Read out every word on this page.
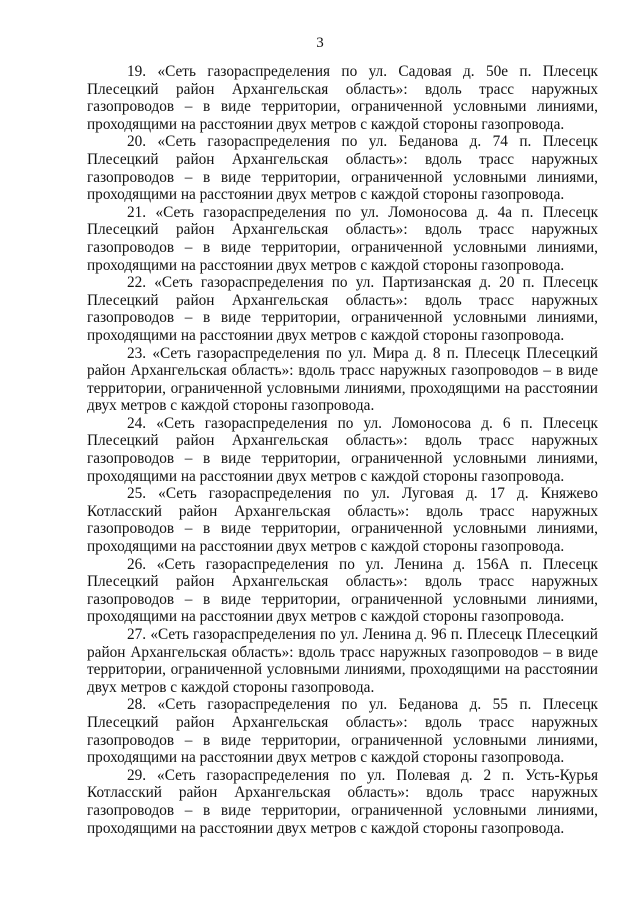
3

19. «Сеть газораспределения по ул. Садовая д. 50е п. Плесецк Плесецкий район Архангельская область»: вдоль трасс наружных газопроводов – в виде территории, ограниченной условными линиями, проходящими на расстоянии двух метров с каждой стороны газопровода.

20. «Сеть газораспределения по ул. Беданова д. 74 п. Плесецк Плесецкий район Архангельская область»: вдоль трасс наружных газопроводов – в виде территории, ограниченной условными линиями, проходящими на расстоянии двух метров с каждой стороны газопровода.

21. «Сеть газораспределения по ул. Ломоносова д. 4а п. Плесецк Плесецкий район Архангельская область»: вдоль трасс наружных газопроводов – в виде территории, ограниченной условными линиями, проходящими на расстоянии двух метров с каждой стороны газопровода.

22. «Сеть газораспределения по ул. Партизанская д. 20 п. Плесецк Плесецкий район Архангельская область»: вдоль трасс наружных газопроводов – в виде территории, ограниченной условными линиями, проходящими на расстоянии двух метров с каждой стороны газопровода.

23. «Сеть газораспределения по ул. Мира д. 8 п. Плесецк Плесецкий район Архангельская область»: вдоль трасс наружных газопроводов – в виде территории, ограниченной условными линиями, проходящими на расстоянии двух метров с каждой стороны газопровода.

24. «Сеть газораспределения по ул. Ломоносова д. 6 п. Плесецк Плесецкий район Архангельская область»: вдоль трасс наружных газопроводов – в виде территории, ограниченной условными линиями, проходящими на расстоянии двух метров с каждой стороны газопровода.

25. «Сеть газораспределения по ул. Луговая д. 17 д. Княжево Котласский район Архангельская область»: вдоль трасс наружных газопроводов – в виде территории, ограниченной условными линиями, проходящими на расстоянии двух метров с каждой стороны газопровода.

26. «Сеть газораспределения по ул. Ленина д. 156А п. Плесецк Плесецкий район Архангельская область»: вдоль трасс наружных газопроводов – в виде территории, ограниченной условными линиями, проходящими на расстоянии двух метров с каждой стороны газопровода.

27. «Сеть газораспределения по ул. Ленина д. 96 п. Плесецк Плесецкий район Архангельская область»: вдоль трасс наружных газопроводов – в виде территории, ограниченной условными линиями, проходящими на расстоянии двух метров с каждой стороны газопровода.

28. «Сеть газораспределения по ул. Беданова д. 55 п. Плесецк Плесецкий район Архангельская область»: вдоль трасс наружных газопроводов – в виде территории, ограниченной условными линиями, проходящими на расстоянии двух метров с каждой стороны газопровода.

29. «Сеть газораспределения по ул. Полевая д. 2 п. Усть-Курья Котласский район Архангельская область»: вдоль трасс наружных газопроводов – в виде территории, ограниченной условными линиями, проходящими на расстоянии двух метров с каждой стороны газопровода.
